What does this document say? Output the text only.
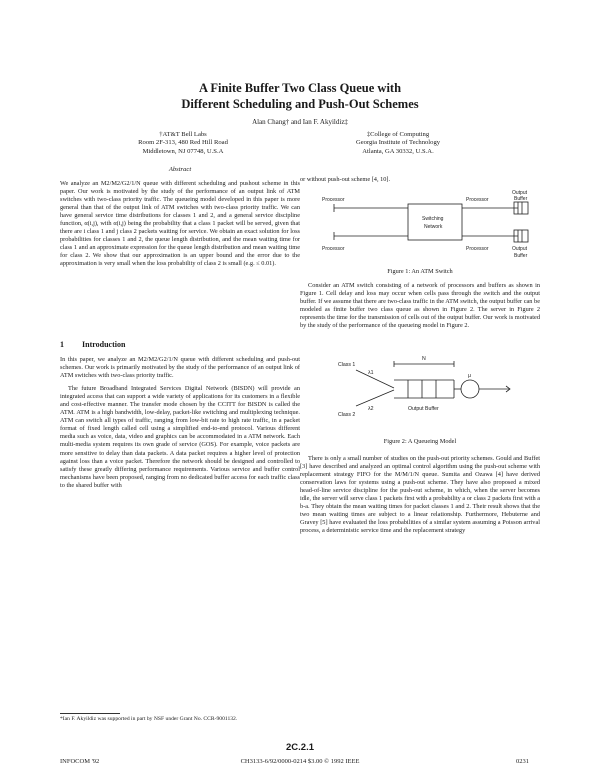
A Finite Buffer Two Class Queue with
Different Scheduling and Push-Out Schemes
Alan Chang† and Ian F. Akyildiz‡
†AT&T Bell Labs
Room 2F-313, 480 Red Hill Road
Middletown, NJ 07748, U.S.A
‡College of Computing
Georgia Institute of Technology
Atlanta, GA 30332, U.S.A.
Abstract

We analyze an M2/M2/G2/1/N queue with different scheduling and pushout scheme in this paper. Our work is motivated by the study of the performance of an output link of ATM switches with two-class priority traffic. The queueing model developed in this paper is more general than that of the output link of ATM switches with two-class priority traffic. We can have general service time distributions for classes 1 and 2, and a general service discipline function, α(i,j), with α(i,j) being the probability that a class 1 packet will be served, given that there are i class 1 and j class 2 packets waiting for service. We obtain an exact solution for loss probabilities for classes 1 and 2, the queue length distribution, and the mean waiting time for class 1 and an approximate expression for the queue length distribution and mean waiting time for class 2. We show that our approximation is an upper bound and the error due to the approximation is very small when the loss probability of class 2 is small (e.g. ≤ 0.01).

1 Introduction

In this paper, we analyze an M2/M2/G2/1/N queue with different scheduling and push-out schemes. Our work is primarily motivated by the study of the performance of an output link of ATM switches with two-class priority traffic.

The future Broadband Integrated Services Digital Network (BISDN) will provide an integrated access that can support a wide variety of applications for its customers in a flexible and cost-effective manner. The transfer mode chosen by the CCITT for BISDN is called the ATM. ATM is a high bandwidth, low-delay, packet-like switching and multiplexing technique. ATM can switch all types of traffic, ranging from low-bit rate to high rate traffic, in a packet format of fixed length called cell using a simplified end-to-end protocol. Various different media such as voice, data, video and graphics can be accommodated in a ATM network. Each multi-media system requires its own grade of service (GOS). For example, voice packets are more sensitive to delay than data packets. A data packet requires a higher level of protection against loss than a voice packet. Therefore the network should be designed and controlled to satisfy these greatly differing performance requirements. Various service and buffer control mechanisms have been proposed, ranging from no dedicated buffer access for each traffic class to the shared buffer with

*Ian F. Akyildiz was supported in part by NSF under Grant No. CCR-9001132.
or without push-out scheme [4, 10].
Processor
Processor
Processor
Processor
Switching
Network
Output
Buffer
Output
Buffer
Figure 1: An ATM Switch

Consider an ATM switch consisting of a network of processors and buffers as shown in Figure 1. Cell delay and loss may occur when cells pass through the switch and the output buffer. If we assume that there are two-class traffic in the ATM switch, the output buffer can be modeled as finite buffer two class queue as shown in Figure 2. The server in Figure 2 represents the time for the transmission of cells out of the output buffer. Our work is motivated by the study of the performance of the queueing model in Figure 2.

Class 1
Class 2
λ1
λ2
N
μ
Output Buffer
Figure 2: A Queueing Model

There is only a small number of studies on the push-out priority schemes. Gould and Buffet [3] have described and analyzed an optimal control algorithm using the push-out scheme with replacement strategy FIFO for the M/M/1/N queue. Sumita and Ozawa [4] have derived conservation laws for systems using a push-out scheme. They have also proposed a mixed head-of-line service discipline for the push-out scheme, in which, when the server becomes idle, the server will serve class 1 packets first with a probability a or class 2 packets first with a b-a. They obtain the mean waiting times for packet classes 1 and 2. Their result shows that the two mean waiting times are subject to a linear relationship. Furthermore, Hebuterne and Gravey [5] have evaluated the loss probabilities of a similar system assuming a Poisson arrival process, a deterministic service time and the replacement strategy

2C.2.1
INFOCOM '92	CH3133-6/92/0000-0214 $3.00 © 1992 IEEE	0231
